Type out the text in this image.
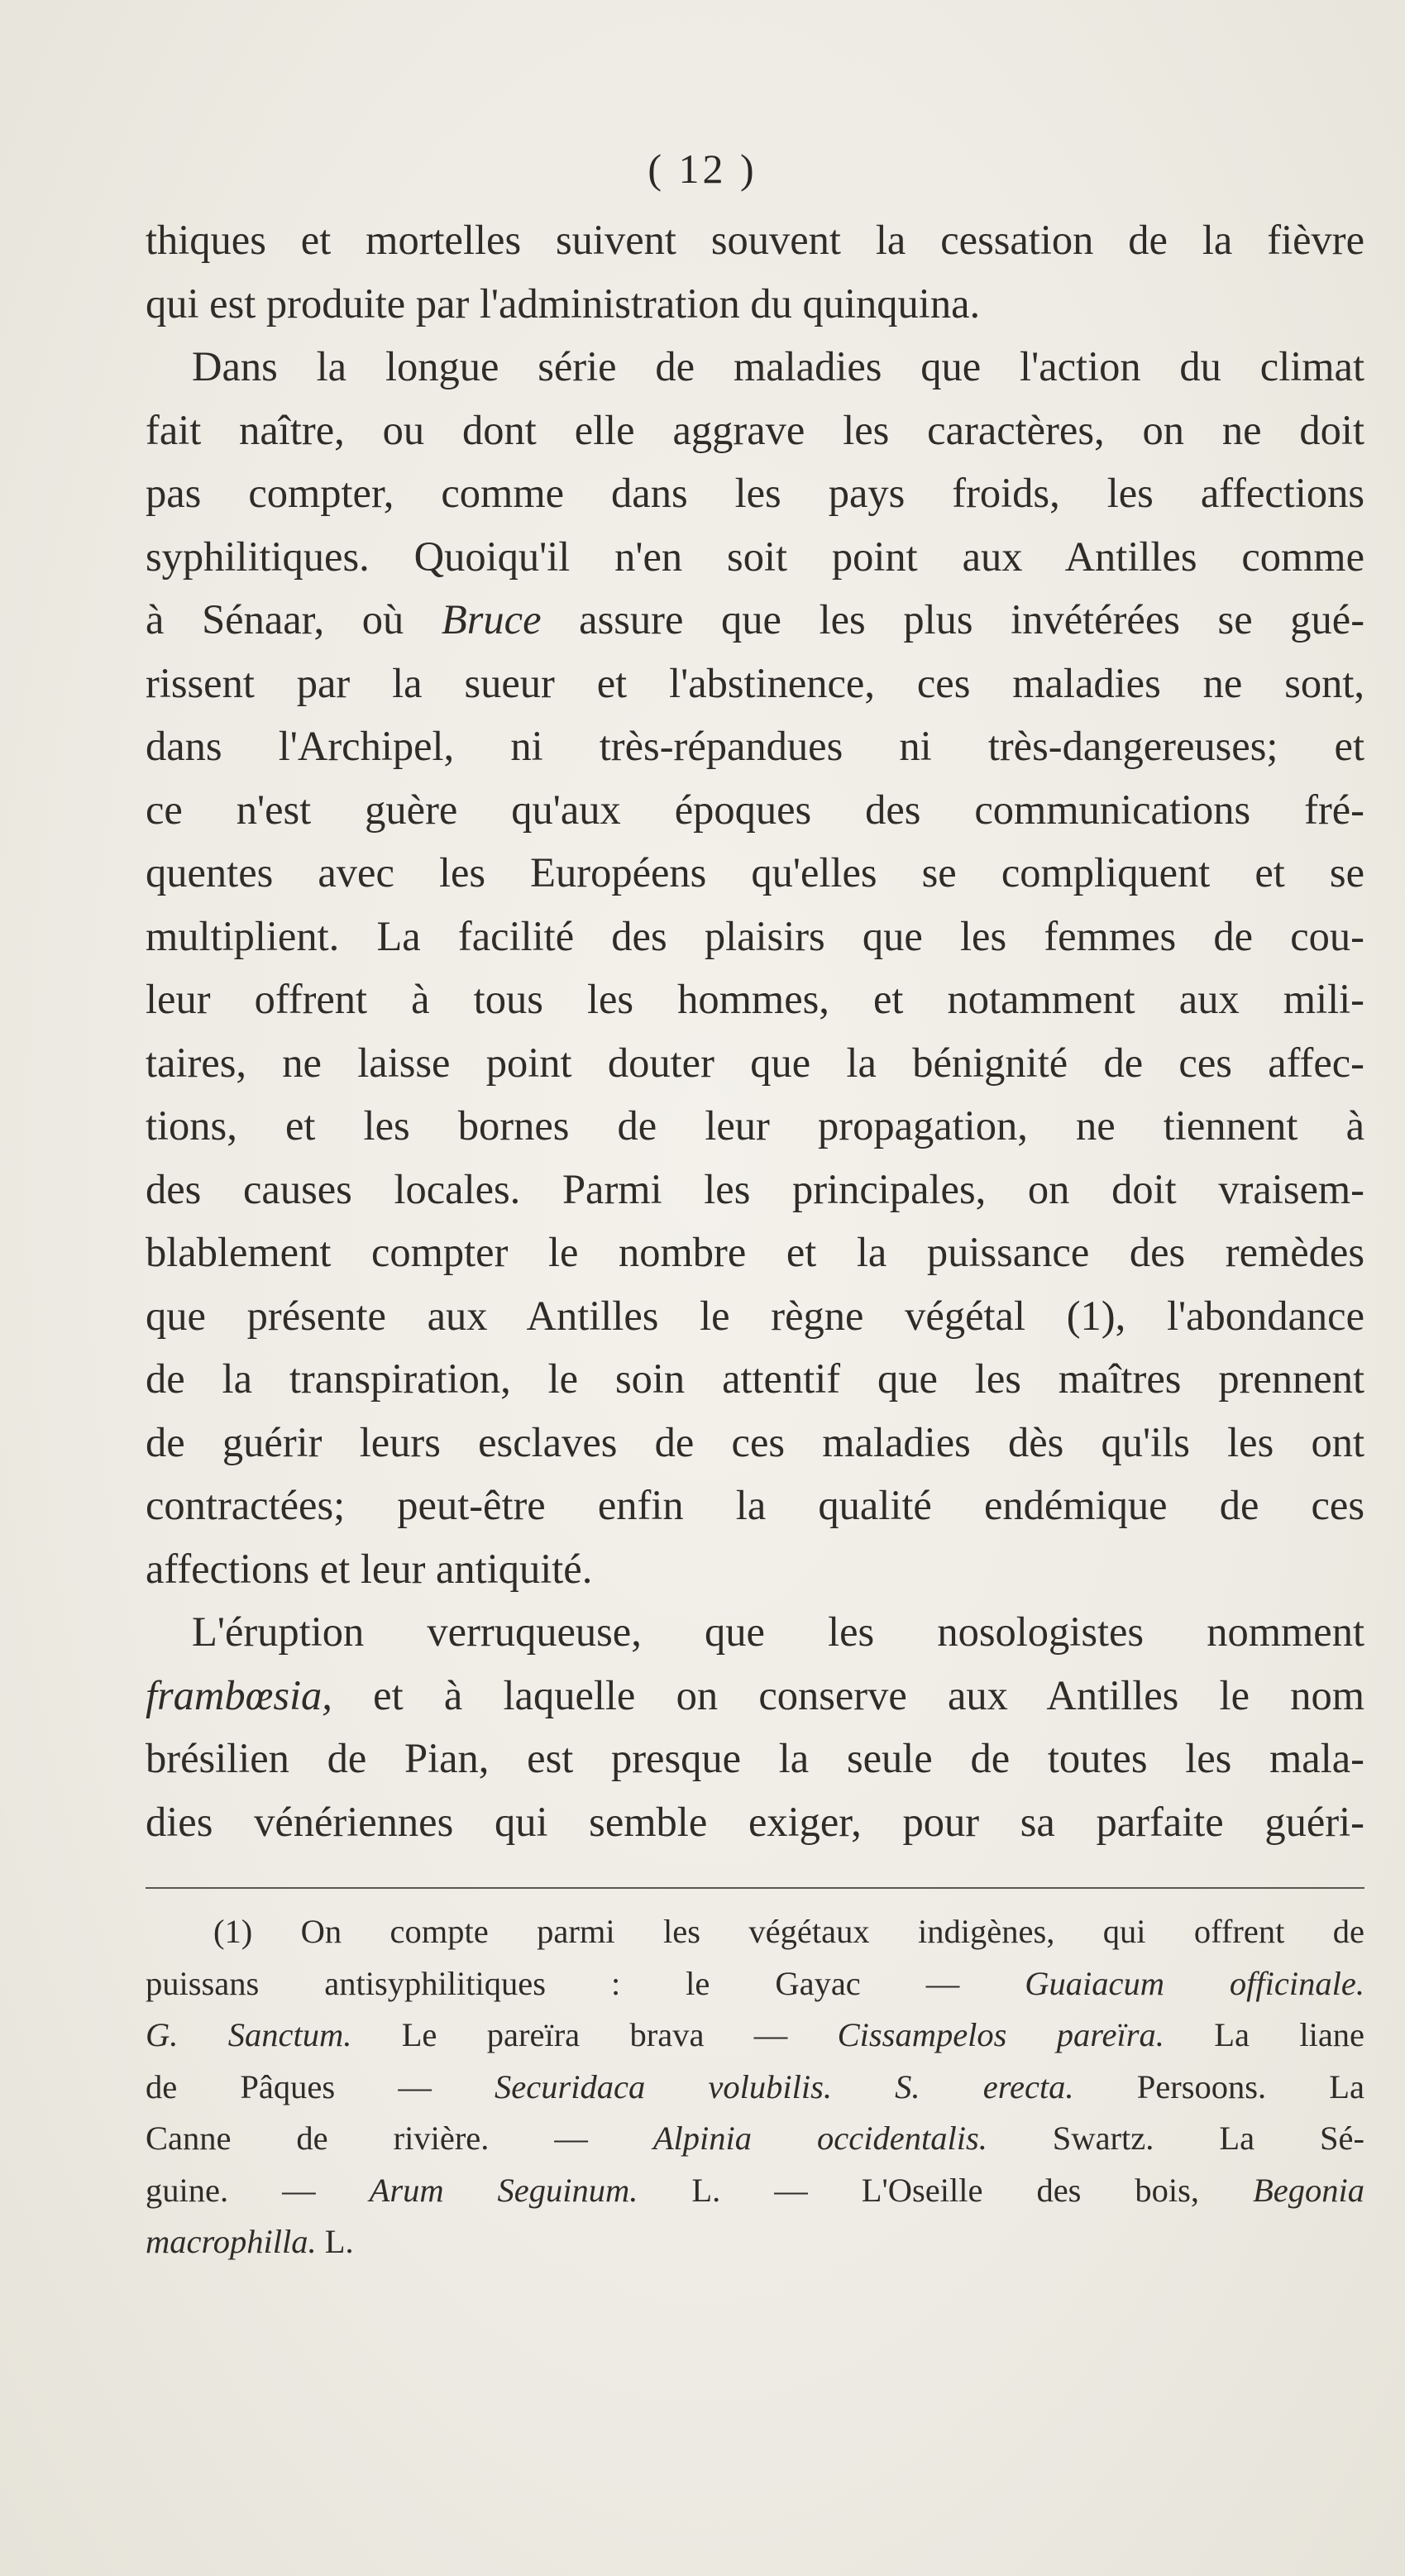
( 12 )
thiques et mortelles suivent souvent la cessation de la fièvre
qui est produite par l'administration du quinquina.
Dans la longue série de maladies que l'action du climat
fait naître, ou dont elle aggrave les caractères, on ne doit
pas compter, comme dans les pays froids, les affections
syphilitiques. Quoiqu'il n'en soit point aux Antilles comme
à Sénaar, où Bruce assure que les plus invétérées se gué-
rissent par la sueur et l'abstinence, ces maladies ne sont,
dans l'Archipel, ni très-répandues ni très-dangereuses; et
ce n'est guère qu'aux époques des communications fré-
quentes avec les Européens qu'elles se compliquent et se
multiplient. La facilité des plaisirs que les femmes de cou-
leur offrent à tous les hommes, et notamment aux mili-
taires, ne laisse point douter que la bénignité de ces affec-
tions, et les bornes de leur propagation, ne tiennent à
des causes locales. Parmi les principales, on doit vraisem-
blablement compter le nombre et la puissance des remèdes
que présente aux Antilles le règne végétal (1), l'abondance
de la transpiration, le soin attentif que les maîtres prennent
de guérir leurs esclaves de ces maladies dès qu'ils les ont
contractées; peut-être enfin la qualité endémique de ces
affections et leur antiquité.
L'éruption verruqueuse, que les nosologistes nomment
frambœsia, et à laquelle on conserve aux Antilles le nom
brésilien de Pian, est presque la seule de toutes les mala-
dies vénériennes qui semble exiger, pour sa parfaite guéri-
(1) On compte parmi les végétaux indigènes, qui offrent de
puissans antisyphilitiques : le Gayac — Guaiacum officinale.
G. Sanctum. Le pareïra brava — Cissampelos pareïra. La liane
de Pâques — Securidaca volubilis. S. erecta. Persoons. La
Canne de rivière. — Alpinia occidentalis. Swartz. La Sé-
guine. — Arum Seguinum. L. — L'Oseille des bois, Begonia
macrophilla. L.
